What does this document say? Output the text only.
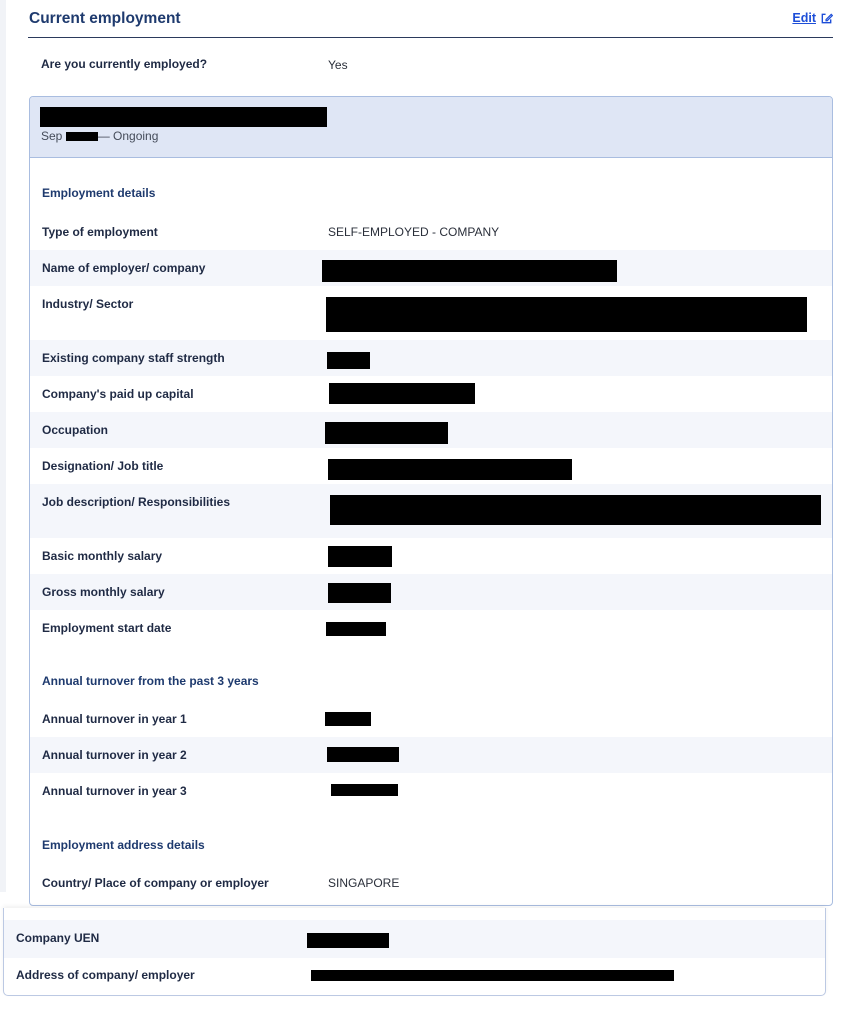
Current employment	Edit
Are you currently employed?	Yes
Sep	— Ongoing
Employment details
Type of employment	SELF-EMPLOYED - COMPANY
Name of employer/ company
Industry/ Sector
Existing company staff strength
Company's paid up capital
Occupation
Designation/ Job title
Job description/ Responsibilities
Basic monthly salary
Gross monthly salary
Employment start date
Annual turnover from the past 3 years
Annual turnover in year 1
Annual turnover in year 2
Annual turnover in year 3
Employment address details
Country/ Place of company or employer	SINGAPORE
Company UEN
Address of company/ employer
